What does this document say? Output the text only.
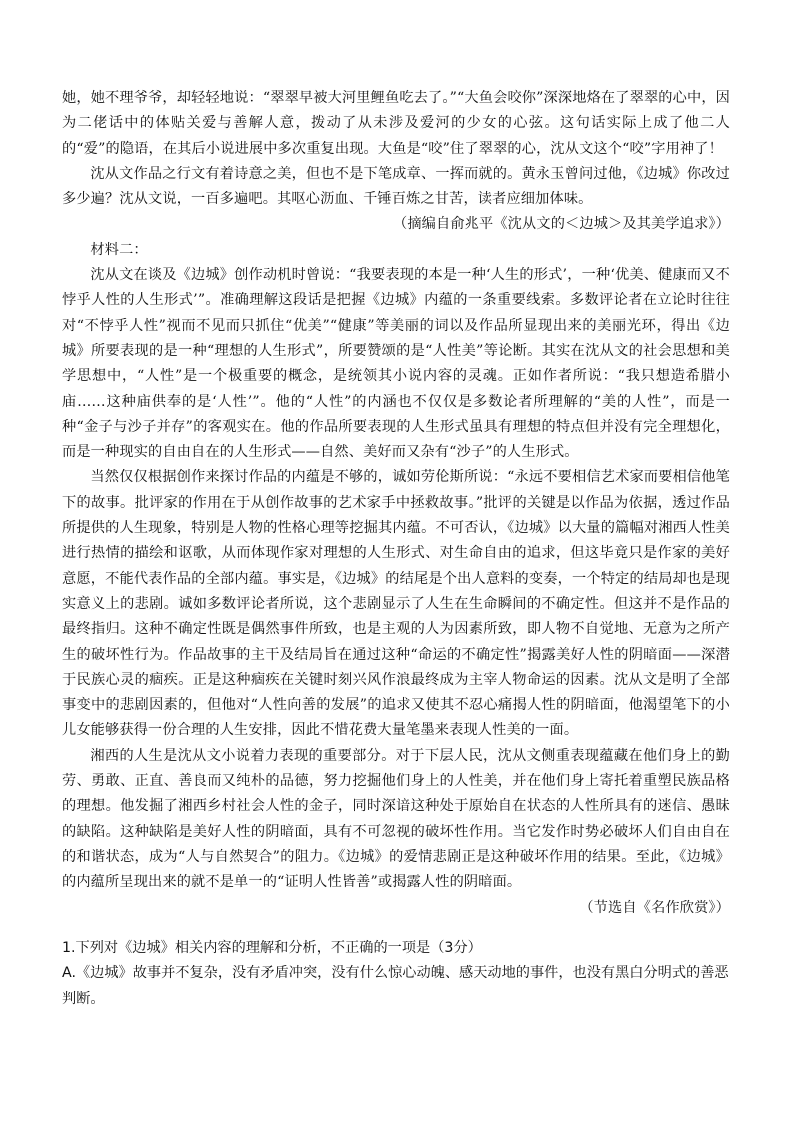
她，她不理爷爷，却轻轻地说：“翠翠早被大河里鲤鱼吃去了。”“大鱼会咬你”深深地烙在了翠翠的心中，因为二佬话中的体贴关爱与善解人意，拨动了从未涉及爱河的少女的心弦。这句话实际上成了他二人的“爱”的隐语，在其后小说进展中多次重复出现。大鱼是“咬”住了翠翠的心，沈从文这个“咬”字用神了！

沈从文作品之行文有着诗意之美，但也不是下笔成章、一挥而就的。黄永玉曾问过他，《边城》你改过多少遍？沈从文说，一百多遍吧。其呕心沥血、千锤百炼之甘苦，读者应细加体味。

（摘编自俞兆平《沈从文的＜边城＞及其美学追求》）

材料二：

沈从文在谈及《边城》创作动机时曾说：“我要表现的本是一种‘人生的形式’，一种‘优美、健康而又不悖乎人性的人生形式’”。准确理解这段话是把握《边城》内蕴的一条重要线索。多数评论者在立论时往往对“不悖乎人性”视而不见而只抓住“优美”“健康”等美丽的词以及作品所显现出来的美丽光环，得出《边城》所要表现的是一种“理想的人生形式”，所要赞颂的是“人性美”等论断。其实在沈从文的社会思想和美学思想中，“人性”是一个极重要的概念，是统领其小说内容的灵魂。正如作者所说：“我只想造希腊小庙……这种庙供奉的是‘人性’”。他的“人性”的内涵也不仅仅是多数论者所理解的“美的人性”，而是一种“金子与沙子并存”的客观实在。他的作品所要表现的人生形式虽具有理想的特点但并没有完全理想化，而是一种现实的自由自在的人生形式——自然、美好而又杂有“沙子”的人生形式。

当然仅仅根据创作来探讨作品的内蕴是不够的，诚如劳伦斯所说：“永远不要相信艺术家而要相信他笔下的故事。批评家的作用在于从创作故事的艺术家手中拯救故事。”批评的关键是以作品为依据，透过作品所提供的人生现象，特别是人物的性格心理等挖掘其内蕴。不可否认，《边城》以大量的篇幅对湘西人性美进行热情的描绘和讴歌，从而体现作家对理想的人生形式、对生命自由的追求，但这毕竟只是作家的美好意愿，不能代表作品的全部内蕴。事实是，《边城》的结尾是个出人意料的变奏，一个特定的结局却也是现实意义上的悲剧。诚如多数评论者所说，这个悲剧显示了人生在生命瞬间的不确定性。但这并不是作品的最终指归。这种不确定性既是偶然事件所致，也是主观的人为因素所致，即人物不自觉地、无意为之所产生的破坏性行为。作品故事的主干及结局旨在通过这种“命运的不确定性”揭露美好人性的阴暗面——深潜于民族心灵的痼疾。正是这种痼疾在关键时刻兴风作浪最终成为主宰人物命运的因素。沈从文是明了全部事变中的悲剧因素的，但他对“人性向善的发展”的追求又使其不忍心痛揭人性的阴暗面，他渴望笔下的小儿女能够获得一份合理的人生安排，因此不惜花费大量笔墨来表现人性美的一面。

湘西的人生是沈从文小说着力表现的重要部分。对于下层人民，沈从文侧重表现蕴藏在他们身上的勤劳、勇敢、正直、善良而又纯朴的品德，努力挖掘他们身上的人性美，并在他们身上寄托着重塑民族品格的理想。他发掘了湘西乡村社会人性的金子，同时深谙这种处于原始自在状态的人性所具有的迷信、愚昧的缺陷。这种缺陷是美好人性的阴暗面，具有不可忽视的破坏性作用。当它发作时势必破坏人们自由自在的和谐状态，成为“人与自然契合”的阻力。《边城》的爱情悲剧正是这种破坏作用的结果。至此，《边城》的内蕴所呈现出来的就不是单一的“证明人性皆善”或揭露人性的阴暗面。

（节选自《名作欣赏》）

1.下列对《边城》相关内容的理解和分析，不正确的一项是（3分）

A.《边城》故事并不复杂，没有矛盾冲突，没有什么惊心动魄、感天动地的事件，也没有黑白分明式的善恶判断。
